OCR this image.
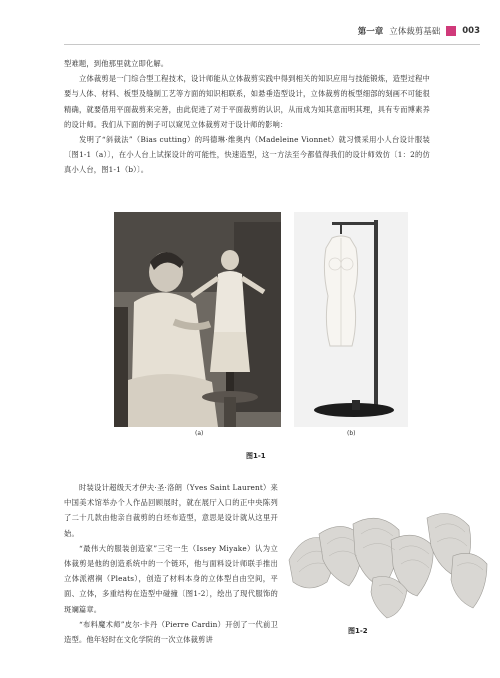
第一章 立体裁剪基础	003

型难题，到他那里就立即化解。

立体裁剪是一门综合型工程技术，设计师能从立体裁剪实践中得到相关的知识应用与技能锻炼，造型过程中要与人体、材料、板型及缝制工艺等方面的知识相联系，如悬垂造型设计，立体裁剪的板型细部的刻画不可能很精确，就要借用平面裁剪来完善，由此促进了对于平面裁剪的认识，从而成为知其意而明其理，具有专而博素养的设计师。我们从下面的例子可以窥见立体裁剪对于设计师的影响：

发明了“斜裁法”（Bias cutting）的玛德琳·维奥内（Madeleine Vionnet）就习惯采用小人台设计服装〔图1-1（a）〕，在小人台上试探设计的可能性，快速造型，这一方法至今都值得我们的设计师效仿〔1：2的仿真小人台，图1-1（b）〕。

(a)	(b)
图1-1

时装设计超级天才伊夫·圣·洛朗（Yves Saint Laurent）来中国美术馆举办个人作品回顾展时，就在展厅入口的正中央陈列了二十几款由他亲自裁剪的白坯布造型，意思是设计就从这里开始。

“最伟大的服装创造家”三宅一生（Issey Miyake）认为立体裁剪是他的创造系统中的一个链环，他与面料设计师联手推出立体派褶裥（Pleats），创造了材料本身的立体型自由空间，平面、立体，多重结构在造型中碰撞〔图1-2〕，绘出了现代服饰的斑斓篇章。

“布料魔术师”皮尔·卡丹（Pierre Cardin）开创了一代前卫造型。他年轻时在文化学院的一次立体裁剪讲

图1-2
